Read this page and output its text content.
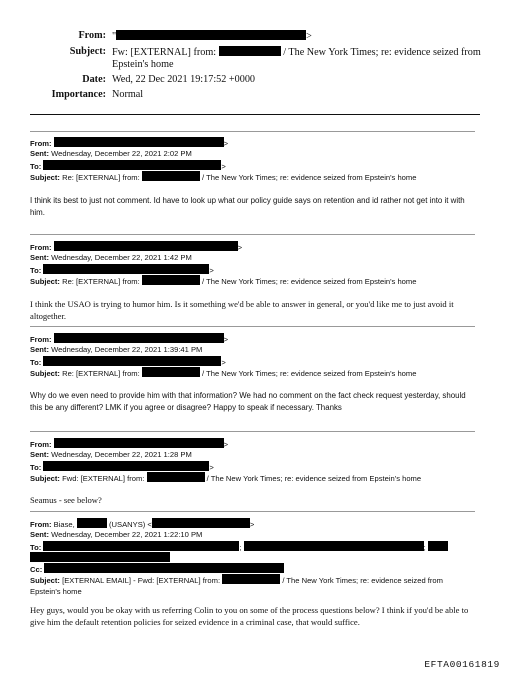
From: "	>
Subject: Fw: [EXTERNAL] from:	/ The New York Times; re: evidence seized from
Epstein's home
Date: Wed, 22 Dec 2021 19:17:52 +0000
Importance: Normal
From:	>
Sent: Wednesday, December 22, 2021 2:02 PM
To:	>
Subject: Re: [EXTERNAL] from:	/ The New York Times; re: evidence seized from Epstein's home
I think its best to just not comment. Id have to look up what our policy guide says on retention and id rather not get into it with him.
From:	>
Sent: Wednesday, December 22, 2021 1:42 PM
To:	>
Subject: Re: [EXTERNAL] from:	/ The New York Times; re: evidence seized from Epstein's home
I think the USAO is trying to humor him. Is it something we'd be able to answer in general, or you'd like me to just avoid it altogether.
From:	>
Sent: Wednesday, December 22, 2021 1:39:41 PM
To:	>
Subject: Re: [EXTERNAL] from:	/ The New York Times; re: evidence seized from Epstein's home
Why do we even need to provide him with that information? We had no comment on the fact check request yesterday, should this be any different? LMK if you agree or disagree? Happy to speak if necessary. Thanks
From:	>
Sent: Wednesday, December 22, 2021 1:28 PM
To:	>
Subject: Fwd: [EXTERNAL] from:	/ The New York Times; re: evidence seized from Epstein's home
Seamus - see below?
From: Biase,	(USANYS) <	>
Sent: Wednesday, December 22, 2021 1:22:10 PM
To:	;	;
Cc:
Subject: [EXTERNAL EMAIL] - Fwd: [EXTERNAL] from:	/ The New York Times; re: evidence seized from
Epstein's home
Hey guys, would you be okay with us referring Colin to you on some of the process questions below? I think if you'd be able to give him the default retention policies for seized evidence in a criminal case, that would suffice.
EFTA00161819
